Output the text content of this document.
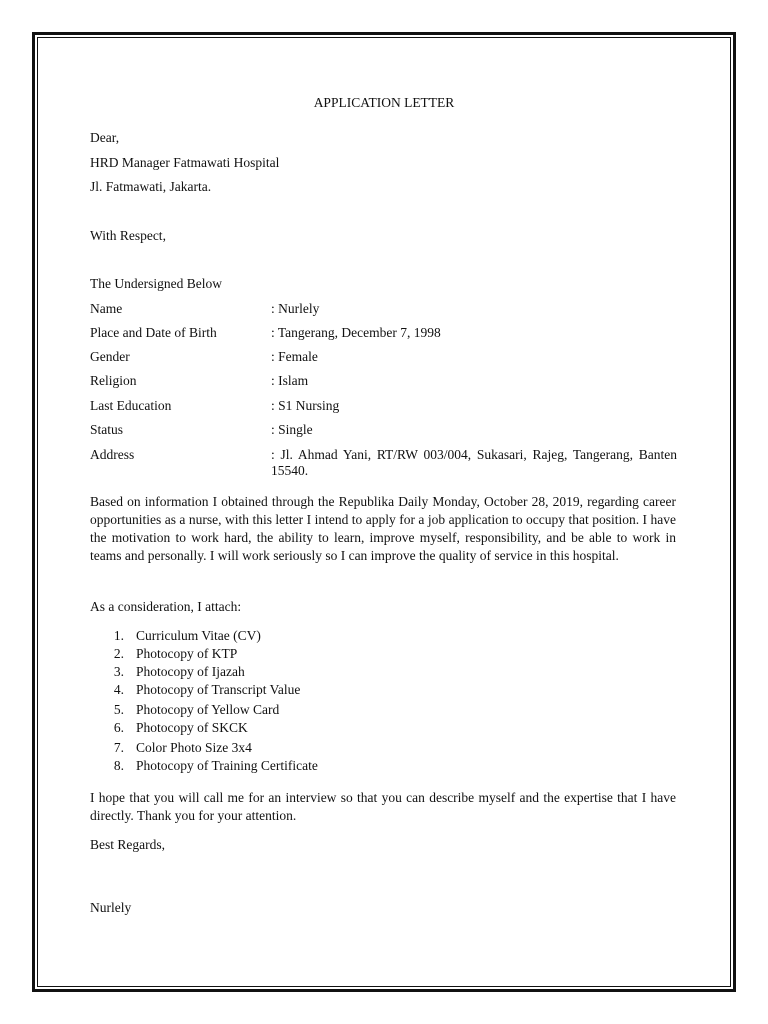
APPLICATION LETTER
Dear,
HRD Manager Fatmawati Hospital
Jl. Fatmawati, Jakarta.
With Respect,
The Undersigned Below
Name	: Nurlely
Place and Date of Birth	: Tangerang, December 7, 1998
Gender	: Female
Religion	: Islam
Last Education	: S1 Nursing
Status	: Single
Address	: Jl. Ahmad Yani, RT/RW 003/004, Sukasari, Rajeg, Tangerang, Banten 15540.
Based on information I obtained through the Republika Daily Monday, October 28, 2019, regarding career opportunities as a nurse, with this letter I intend to apply for a job application to occupy that position. I have the motivation to work hard, the ability to learn, improve myself, responsibility, and be able to work in teams and personally. I will work seriously so I can improve the quality of service in this hospital.
As a consideration, I attach:
1. Curriculum Vitae (CV)
2. Photocopy of KTP
3. Photocopy of Ijazah
4. Photocopy of Transcript Value
5. Photocopy of Yellow Card
6. Photocopy of SKCK
7. Color Photo Size 3x4
8. Photocopy of Training Certificate
I hope that you will call me for an interview so that you can describe myself and the expertise that I have directly. Thank you for your attention.
Best Regards,
Nurlely
